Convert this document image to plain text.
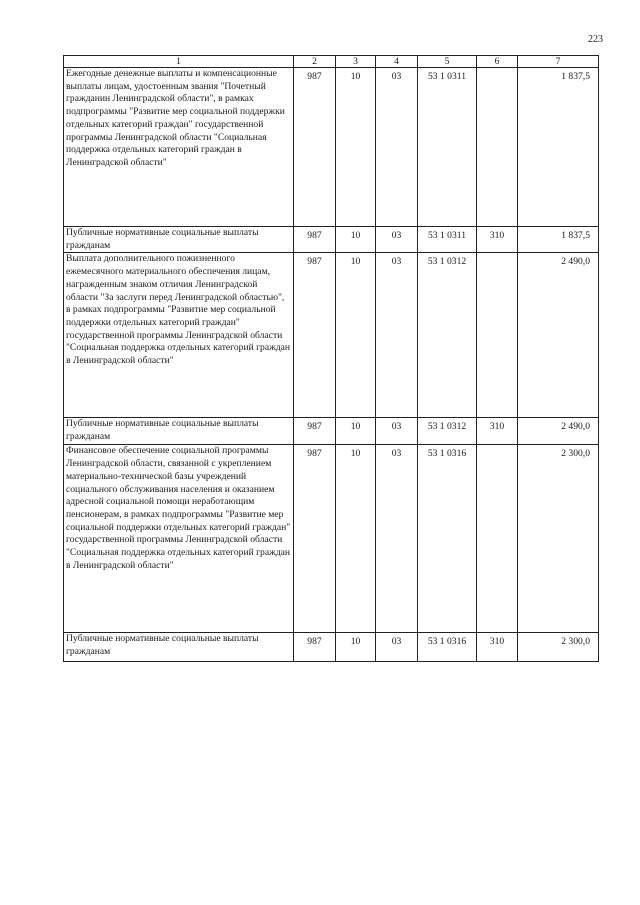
223
1	2	3	4	5	6	7
Ежегодные денежные выплаты и компенсационные выплаты лицам, удостоенным звания "Почетный гражданин Ленинградской области", в рамках подпрограммы "Развитие мер социальной поддержки отдельных категорий граждан" государственной программы Ленинградской области "Социальная поддержка отдельных категорий граждан в Ленинградской области"	987	10	03	53 1 0311		1 837,5
Публичные нормативные социальные выплаты гражданам	987	10	03	53 1 0311	310	1 837,5
Выплата дополнительного пожизненного ежемесячного материального обеспечения лицам, награжденным знаком отличия Ленинградской области "За заслуги перед Ленинградской областью", в рамках подпрограммы "Развитие мер социальной поддержки отдельных категорий граждан" государственной программы Ленинградской области "Социальная поддержка отдельных категорий граждан в Ленинградской области"	987	10	03	53 1 0312		2 490,0
Публичные нормативные социальные выплаты гражданам	987	10	03	53 1 0312	310	2 490,0
Финансовое обеспечение социальной программы Ленинградской области, связанной с укреплением материально-технической базы учреждений социального обслуживания населения и оказанием адресной социальной помощи неработающим пенсионерам, в рамках подпрограммы "Развитие мер социальной поддержки отдельных категорий граждан" государственной программы Ленинградской области "Социальная поддержка отдельных категорий граждан в Ленинградской области"	987	10	03	53 1 0316		2 300,0
Публичные нормативные социальные выплаты гражданам	987	10	03	53 1 0316	310	2 300,0
